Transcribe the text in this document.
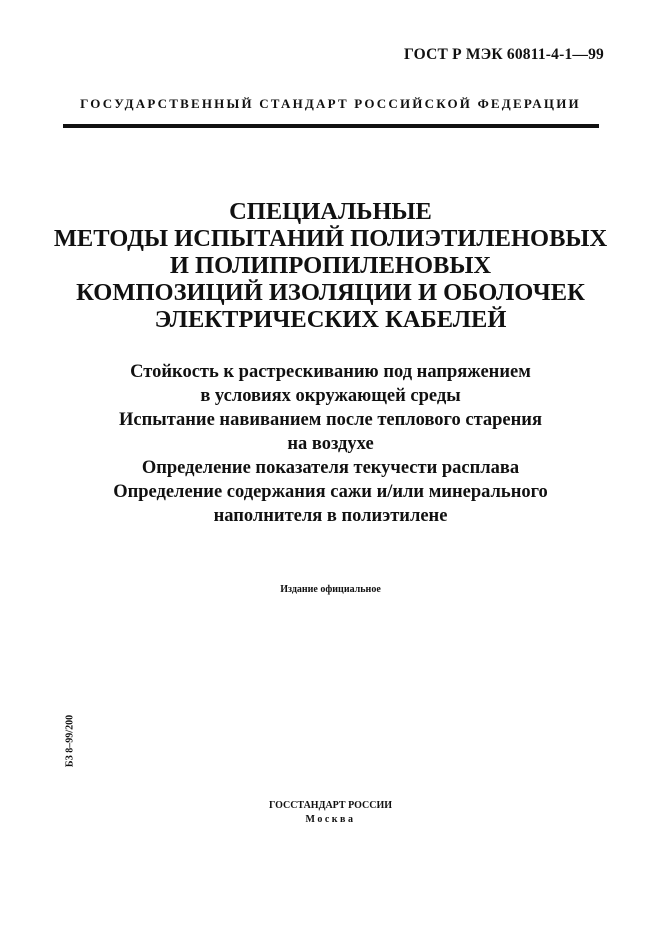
ГОСТ Р МЭК 60811-4-1—99
ГОСУДАРСТВЕННЫЙ СТАНДАРТ РОССИЙСКОЙ ФЕДЕРАЦИИ
СПЕЦИАЛЬНЫЕ
МЕТОДЫ ИСПЫТАНИЙ ПОЛИЭТИЛЕНОВЫХ
И ПОЛИПРОПИЛЕНОВЫХ
КОМПОЗИЦИЙ ИЗОЛЯЦИИ И ОБОЛОЧЕК
ЭЛЕКТРИЧЕСКИХ КАБЕЛЕЙ
Стойкость к растрескиванию под напряжением
в условиях окружающей среды
Испытание навиванием после теплового старения
на воздухе
Определение показателя текучести расплава
Определение содержания сажи и/или минерального
наполнителя в полиэтилене
Издание официальное
БЗ 8–99/200
ГОССТАНДАРТ РОССИИ
Москва
